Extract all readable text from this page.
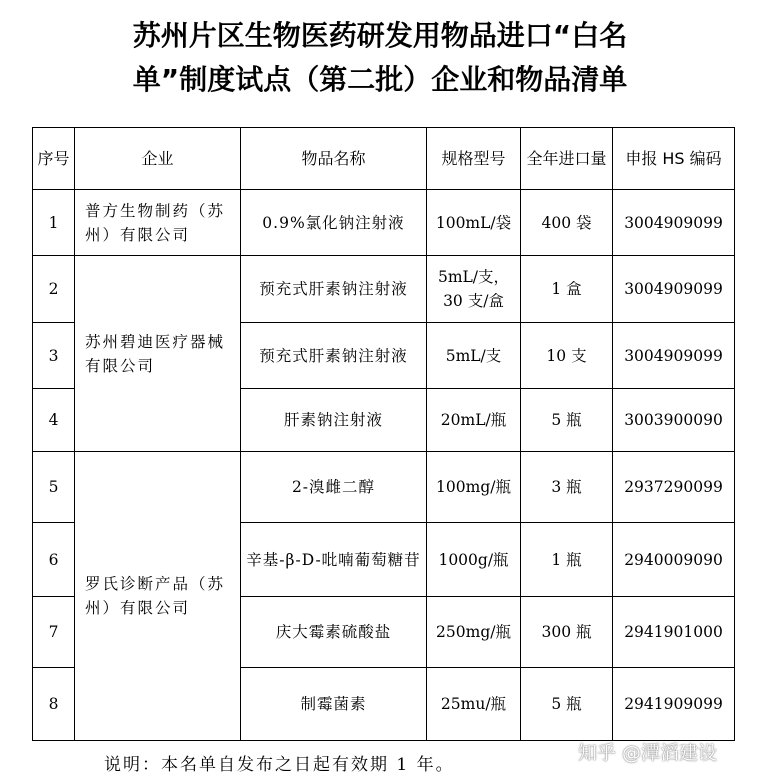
苏州片区生物医药研发用物品进口“白名
单”制度试点（第二批）企业和物品清单
序号	企业	物品名称	规格型号	全年进口量	申报 HS 编码
1	普方生物制药（苏州）有限公司	0.9%氯化钠注射液	100mL/袋	400 袋	3004909099
2	苏州碧迪医疗器械有限公司	预充式肝素钠注射液	5mL/支，30 支/盒	1 盒	3004909099
3		预充式肝素钠注射液	5mL/支	10 支	3004909099
4		肝素钠注射液	20mL/瓶	5 瓶	3003900090
5	罗氏诊断产品（苏州）有限公司	2-溴雌二醇	100mg/瓶	3 瓶	2937290099
6		辛基-β-D-吡喃葡萄糖苷	1000g/瓶	1 瓶	2940009090
7		庆大霉素硫酸盐	250mg/瓶	300 瓶	2941901000
8		制霉菌素	25mu/瓶	5 瓶	2941909099
说明：本名单自发布之日起有效期 1 年。
知乎 @潭滔建设
